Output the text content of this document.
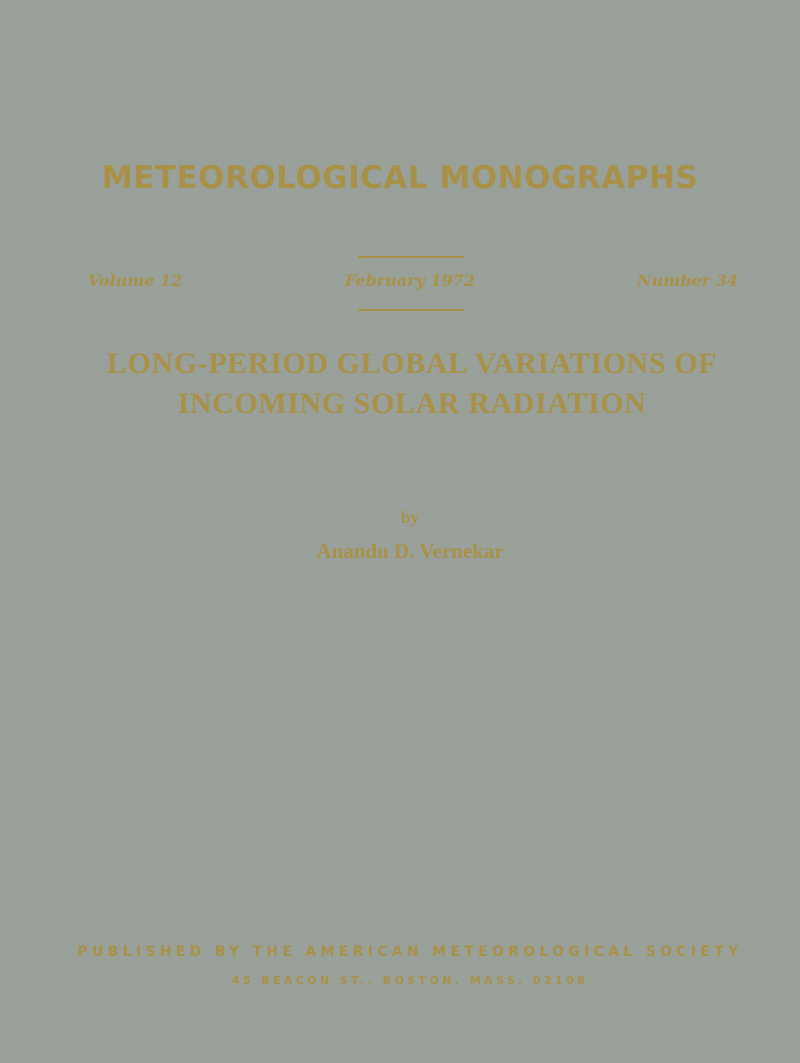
METEOROLOGICAL MONOGRAPHS
Volume 12	February 1972	Number 34
LONG-PERIOD GLOBAL VARIATIONS OF
INCOMING SOLAR RADIATION
by
Anandu D. Vernekar
PUBLISHED BY THE AMERICAN METEOROLOGICAL SOCIETY
45 BEACON ST., BOSTON, MASS. 02108
